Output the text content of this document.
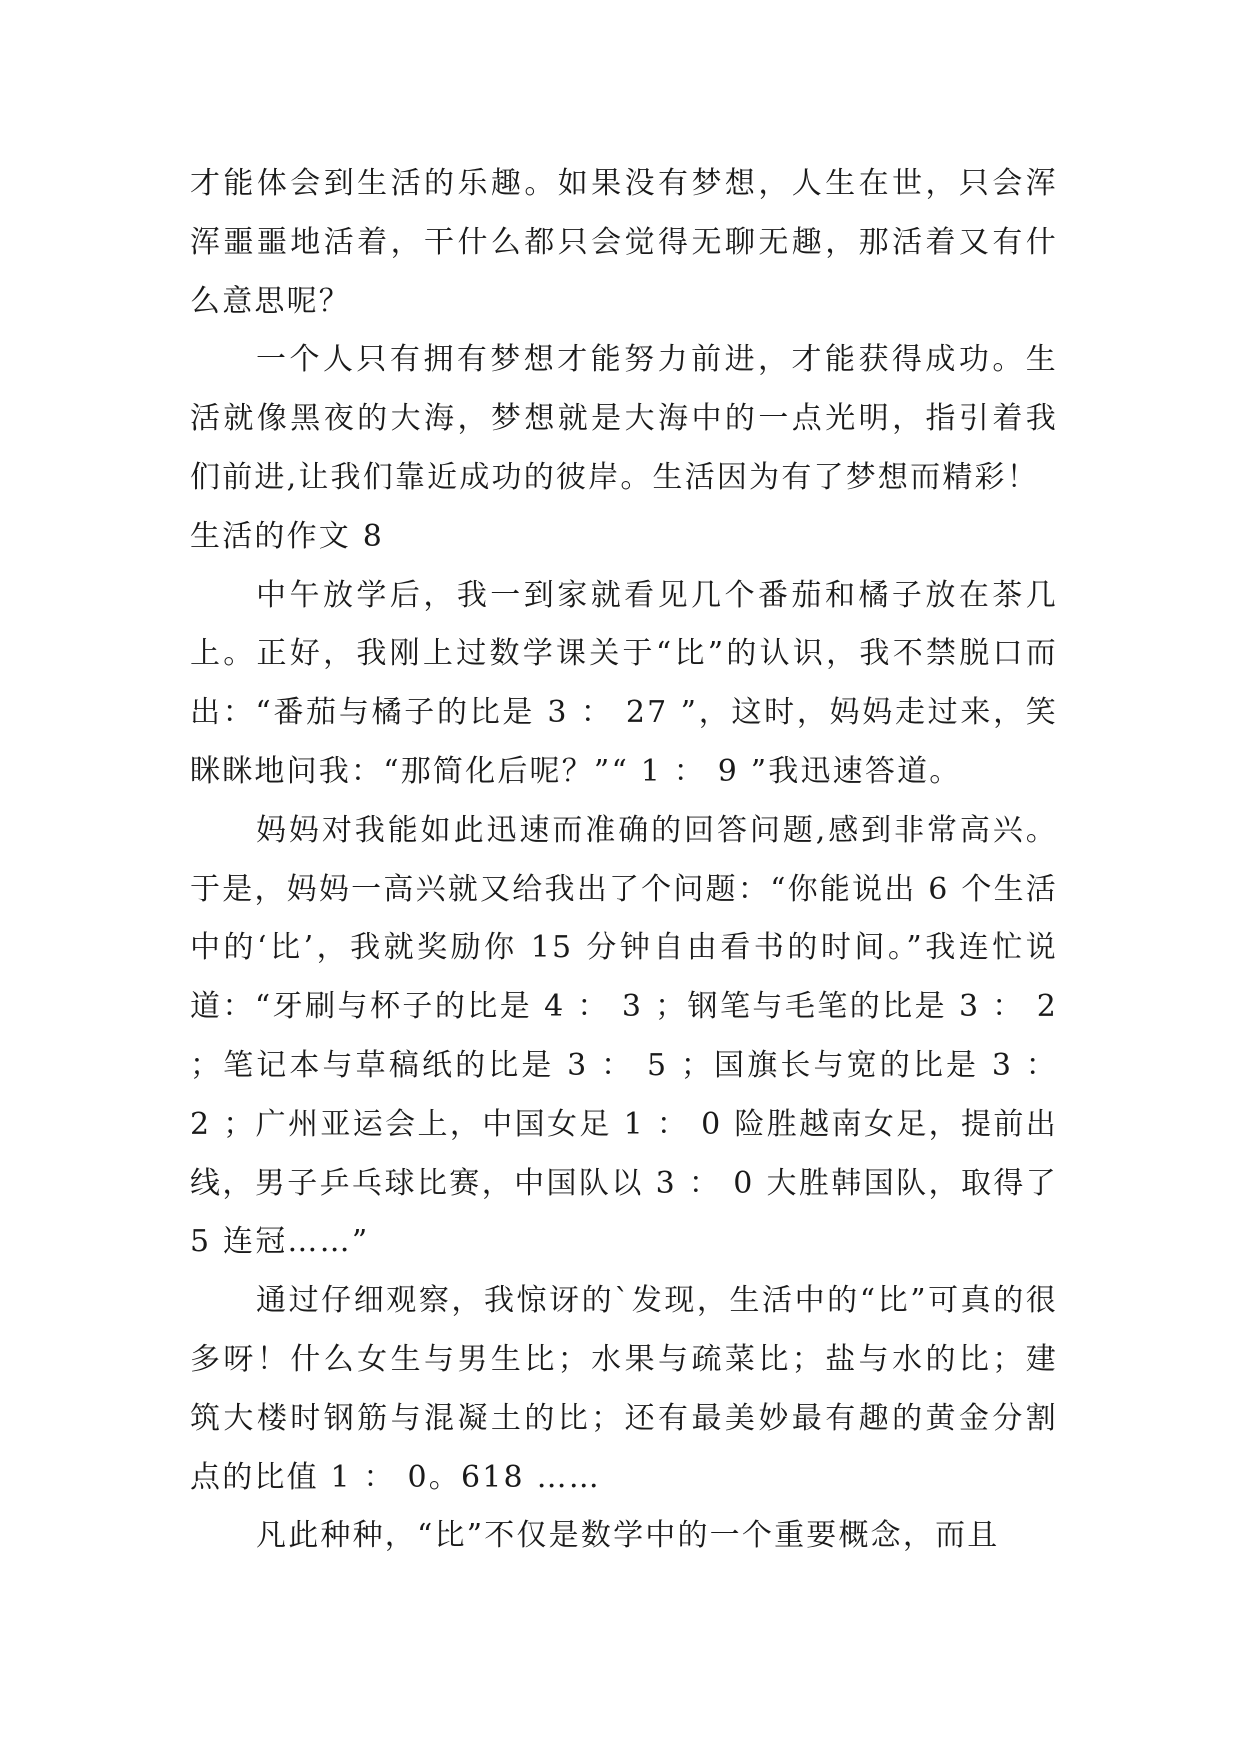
才能体会到生活的乐趣。如果没有梦想，人生在世，只会浑浑噩噩地活着，干什么都只会觉得无聊无趣，那活着又有什么意思呢？

一个人只有拥有梦想才能努力前进，才能获得成功。生活就像黑夜的大海，梦想就是大海中的一点光明，指引着我们前进,让我们靠近成功的彼岸。生活因为有了梦想而精彩！

生活的作文 8

中午放学后，我一到家就看见几个番茄和橘子放在茶几上。正好，我刚上过数学课关于“比”的认识，我不禁脱口而出：“番茄与橘子的比是 3 ： 27 ”，这时，妈妈走过来，笑眯眯地问我：“那简化后呢？”“ 1 ： 9 ”我迅速答道。

妈妈对我能如此迅速而准确的回答问题,感到非常高兴。于是，妈妈一高兴就又给我出了个问题：“你能说出 6 个生活中的‘比’，我就奖励你 15 分钟自由看书的时间。”我连忙说道：“牙刷与杯子的比是 4 ： 3 ；钢笔与毛笔的比是 3 ： 2 ；笔记本与草稿纸的比是 3 ： 5 ；国旗长与宽的比是 3 ： 2 ；广州亚运会上，中国女足 1 ： 0 险胜越南女足，提前出线，男子乒乓球比赛，中国队以 3 ： 0 大胜韩国队，取得了 5 连冠……”

通过仔细观察，我惊讶的`发现，生活中的“比”可真的很多呀！什么女生与男生比；水果与疏菜比；盐与水的比；建筑大楼时钢筋与混凝土的比；还有最美妙最有趣的黄金分割点的比值 1 ： 0。618 ……

凡此种种，“比”不仅是数学中的一个重要概念，而且
